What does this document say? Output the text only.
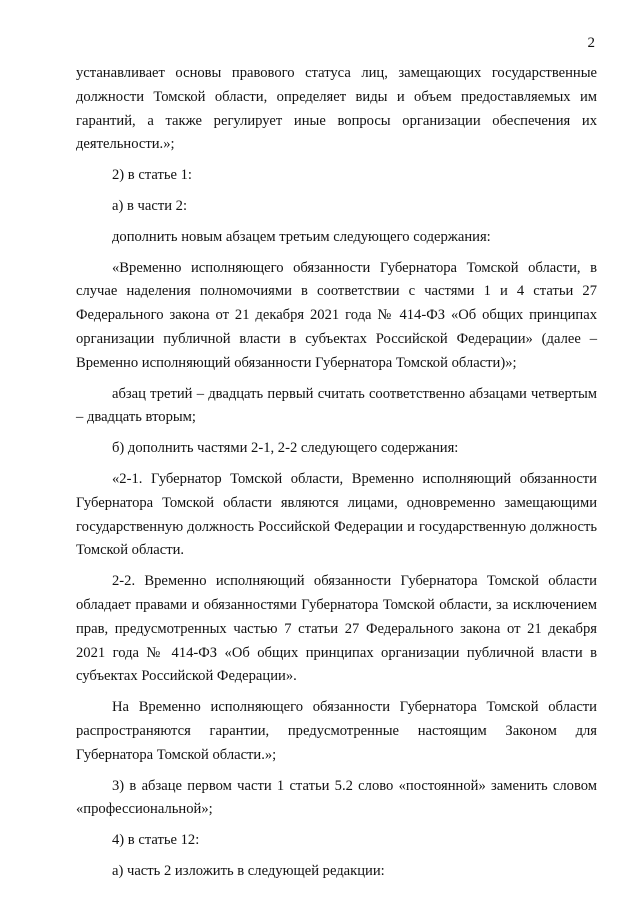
2

устанавливает основы правового статуса лиц, замещающих государственные должности Томской области, определяет виды и объем предоставляемых им гарантий, а также регулирует иные вопросы организации обеспечения их деятельности.»;

2) в статье 1:

а) в части 2:

дополнить новым абзацем третьим следующего содержания:

«Временно исполняющего обязанности Губернатора Томской области, в случае наделения полномочиями в соответствии с частями 1 и 4 статьи 27 Федерального закона от 21 декабря 2021 года № 414-ФЗ «Об общих принципах организации публичной власти в субъектах Российской Федерации» (далее – Временно исполняющий обязанности Губернатора Томской области)»;

абзац третий – двадцать первый считать соответственно абзацами четвертым – двадцать вторым;

б) дополнить частями 2-1, 2-2 следующего содержания:

«2-1. Губернатор Томской области, Временно исполняющий обязанности Губернатора Томской области являются лицами, одновременно замещающими государственную должность Российской Федерации и государственную должность Томской области.

2-2. Временно исполняющий обязанности Губернатора Томской области обладает правами и обязанностями Губернатора Томской области, за исключением прав, предусмотренных частью 7 статьи 27 Федерального закона от 21 декабря 2021 года № 414-ФЗ «Об общих принципах организации публичной власти в субъектах Российской Федерации».

На Временно исполняющего обязанности Губернатора Томской области распространяются гарантии, предусмотренные настоящим Законом для Губернатора Томской области.»;

3) в абзаце первом части 1 статьи 5.2 слово «постоянной» заменить словом «профессиональной»;

4) в статье 12:

а) часть 2 изложить в следующей редакции:
